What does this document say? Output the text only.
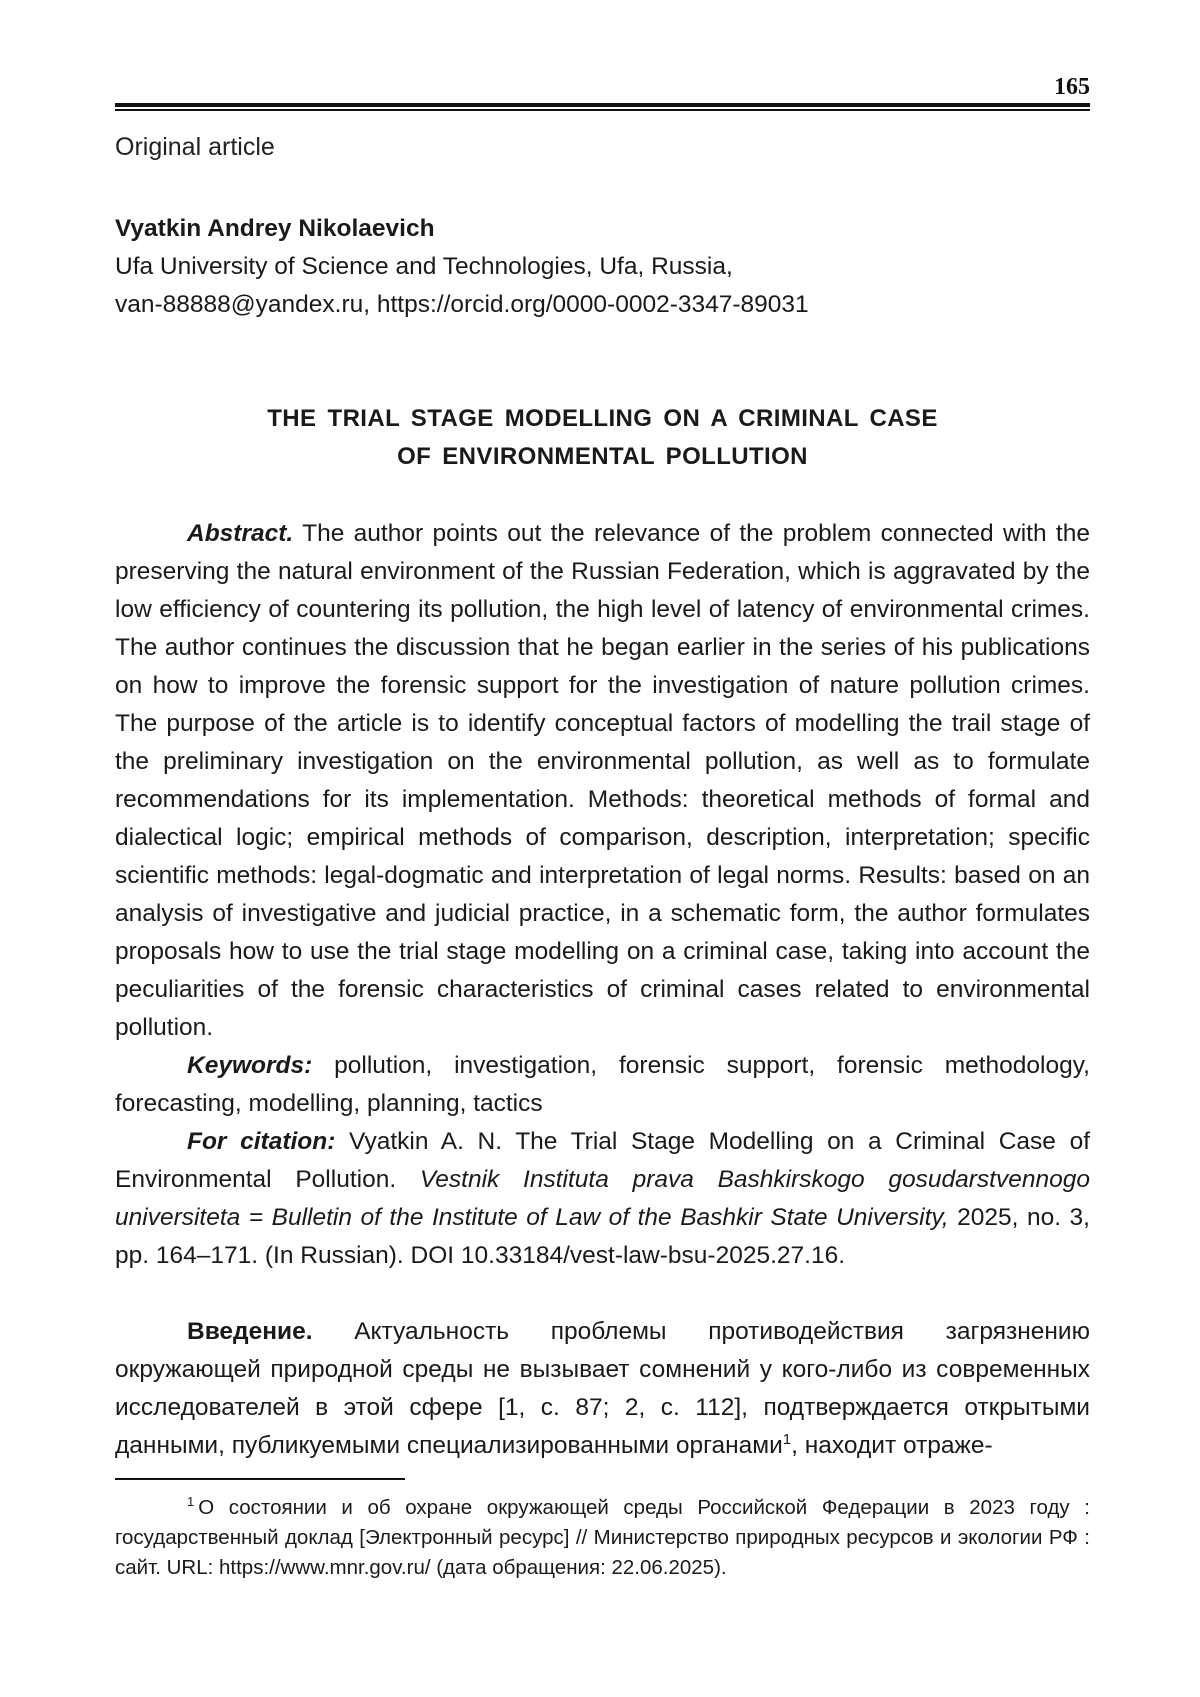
165

Original article

Vyatkin Andrey Nikolaevich
Ufa University of Science and Technologies, Ufa, Russia,
van-88888@yandex.ru, https://orcid.org/0000-0002-3347-89031
THE TRIAL STAGE MODELLING ON A CRIMINAL CASE
OF ENVIRONMENTAL POLLUTION

Abstract. The author points out the relevance of the problem connected with the preserving the natural environment of the Russian Federation, which is aggravated by the low efficiency of countering its pollution, the high level of latency of environmental crimes. The author continues the discussion that he began earlier in the series of his publications on how to improve the forensic support for the investigation of nature pollution crimes. The purpose of the article is to identify conceptual factors of modelling the trail stage of the preliminary investigation on the environmental pollution, as well as to formulate recommendations for its implementation. Methods: theoretical methods of formal and dialectical logic; empirical methods of comparison, description, interpretation; specific scientific methods: legal-dogmatic and interpretation of legal norms. Results: based on an analysis of investigative and judicial practice, in a schematic form, the author formulates proposals how to use the trial stage modelling on a criminal case, taking into account the peculiarities of the forensic characteristics of criminal cases related to environmental pollution.

Keywords: pollution, investigation, forensic support, forensic methodology, forecasting, modelling, planning, tactics

For citation: Vyatkin A. N. The Trial Stage Modelling on a Criminal Case of Environmental Pollution. Vestnik Instituta prava Bashkirskogo gosudarstvennogo universiteta = Bulletin of the Institute of Law of the Bashkir State University, 2025, no. 3, pp. 164–171. (In Russian). DOI 10.33184/vest-law-bsu-2025.27.16.

Введение. Актуальность проблемы противодействия загрязнению окружающей природной среды не вызывает сомнений у кого-либо из современных исследователей в этой сфере [1, с. 87; 2, с. 112], подтверждается открытыми данными, публикуемыми специализированными органами$^1$, находит отраже-

$^1$ О состоянии и об охране окружающей среды Российской Федерации в 2023 году : государственный доклад [Электронный ресурс] // Министерство природных ресурсов и экологии РФ : сайт. URL: https://www.mnr.gov.ru/ (дата обращения: 22.06.2025).
